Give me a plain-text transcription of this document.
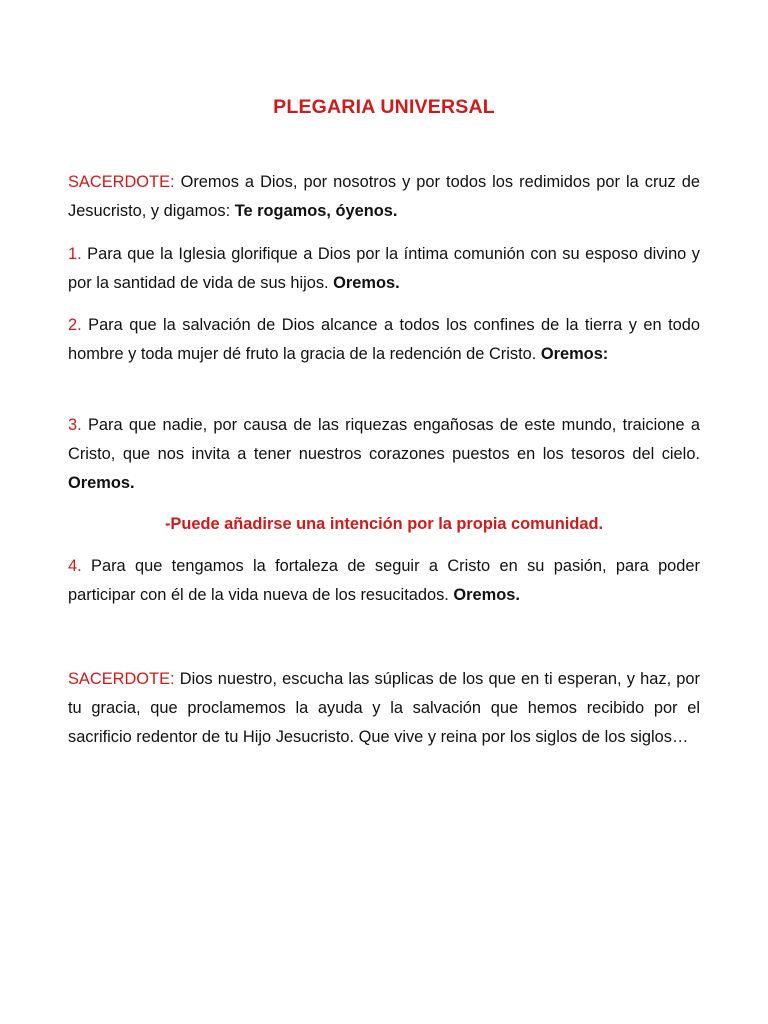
PLEGARIA UNIVERSAL

SACERDOTE: Oremos a Dios, por nosotros y por todos los redimidos por la cruz de Jesucristo, y digamos: Te rogamos, óyenos.

1. Para que la Iglesia glorifique a Dios por la íntima comunión con su esposo divino y por la santidad de vida de sus hijos. Oremos.

2. Para que la salvación de Dios alcance a todos los confines de la tierra y en todo hombre y toda mujer dé fruto la gracia de la redención de Cristo. Oremos:

3. Para que nadie, por causa de las riquezas engañosas de este mundo, traicione a Cristo, que nos invita a tener nuestros corazones puestos en los tesoros del cielo. Oremos.

-Puede añadirse una intención por la propia comunidad.

4. Para que tengamos la fortaleza de seguir a Cristo en su pasión, para poder participar con él de la vida nueva de los resucitados. Oremos.

SACERDOTE: Dios nuestro, escucha las súplicas de los que en ti esperan, y haz, por tu gracia, que proclamemos la ayuda y la salvación que hemos recibido por el sacrificio redentor de tu Hijo Jesucristo. Que vive y reina por los siglos de los siglos…
